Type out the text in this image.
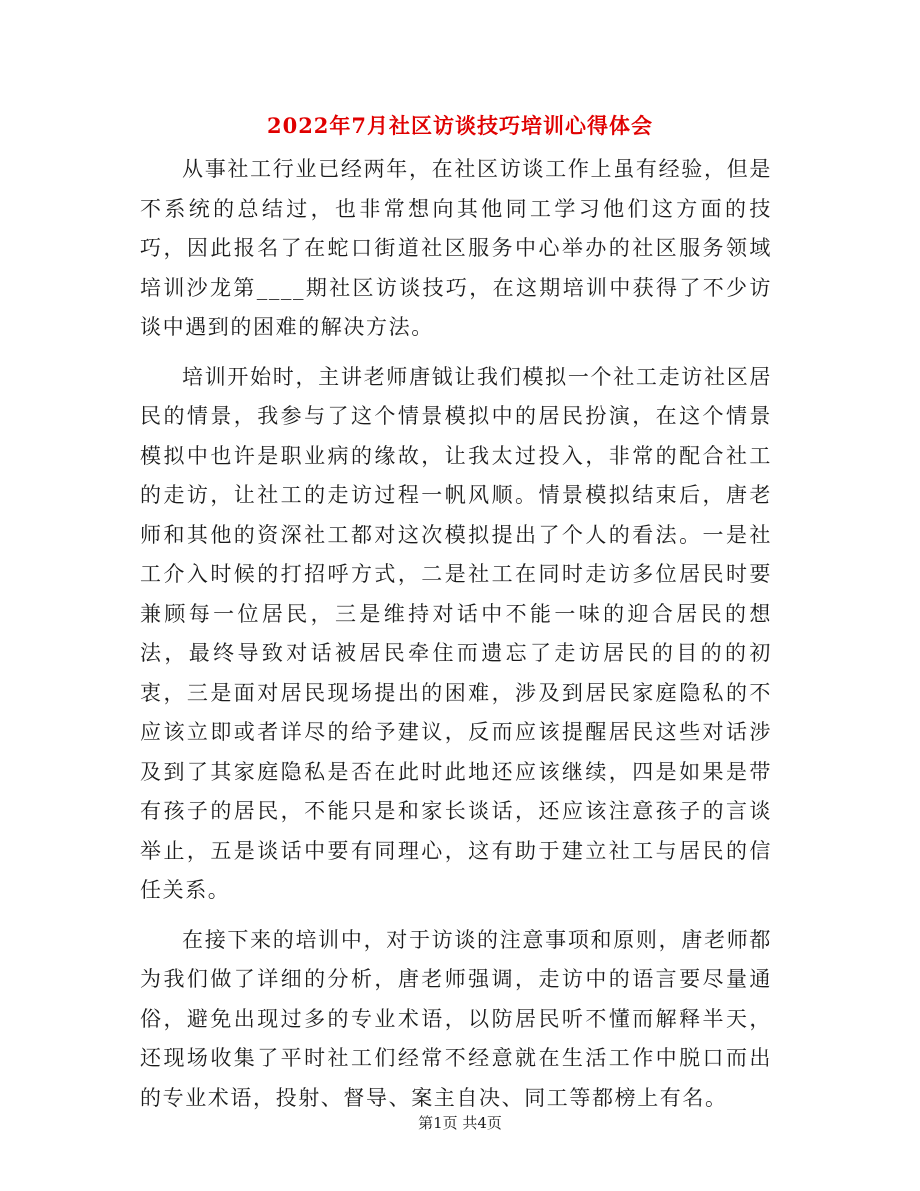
2022年7月社区访谈技巧培训心得体会

从事社工行业已经两年，在社区访谈工作上虽有经验，但是不系统的总结过，也非常想向其他同工学习他们这方面的技巧，因此报名了在蛇口街道社区服务中心举办的社区服务领域培训沙龙第____期社区访谈技巧，在这期培训中获得了不少访谈中遇到的困难的解决方法。

培训开始时，主讲老师唐钺让我们模拟一个社工走访社区居民的情景，我参与了这个情景模拟中的居民扮演，在这个情景模拟中也许是职业病的缘故，让我太过投入，非常的配合社工的走访，让社工的走访过程一帆风顺。情景模拟结束后，唐老师和其他的资深社工都对这次模拟提出了个人的看法。一是社工介入时候的打招呼方式，二是社工在同时走访多位居民时要兼顾每一位居民，三是维持对话中不能一味的迎合居民的想法，最终导致对话被居民牵住而遗忘了走访居民的目的的初衷，三是面对居民现场提出的困难，涉及到居民家庭隐私的不应该立即或者详尽的给予建议，反而应该提醒居民这些对话涉及到了其家庭隐私是否在此时此地还应该继续，四是如果是带有孩子的居民，不能只是和家长谈话，还应该注意孩子的言谈举止，五是谈话中要有同理心，这有助于建立社工与居民的信任关系。

在接下来的培训中，对于访谈的注意事项和原则，唐老师都为我们做了详细的分析，唐老师强调，走访中的语言要尽量通俗，避免出现过多的专业术语，以防居民听不懂而解释半天，还现场收集了平时社工们经常不经意就在生活工作中脱口而出的专业术语，投射、督导、案主自决、同工等都榜上有名。

第1页 共4页
